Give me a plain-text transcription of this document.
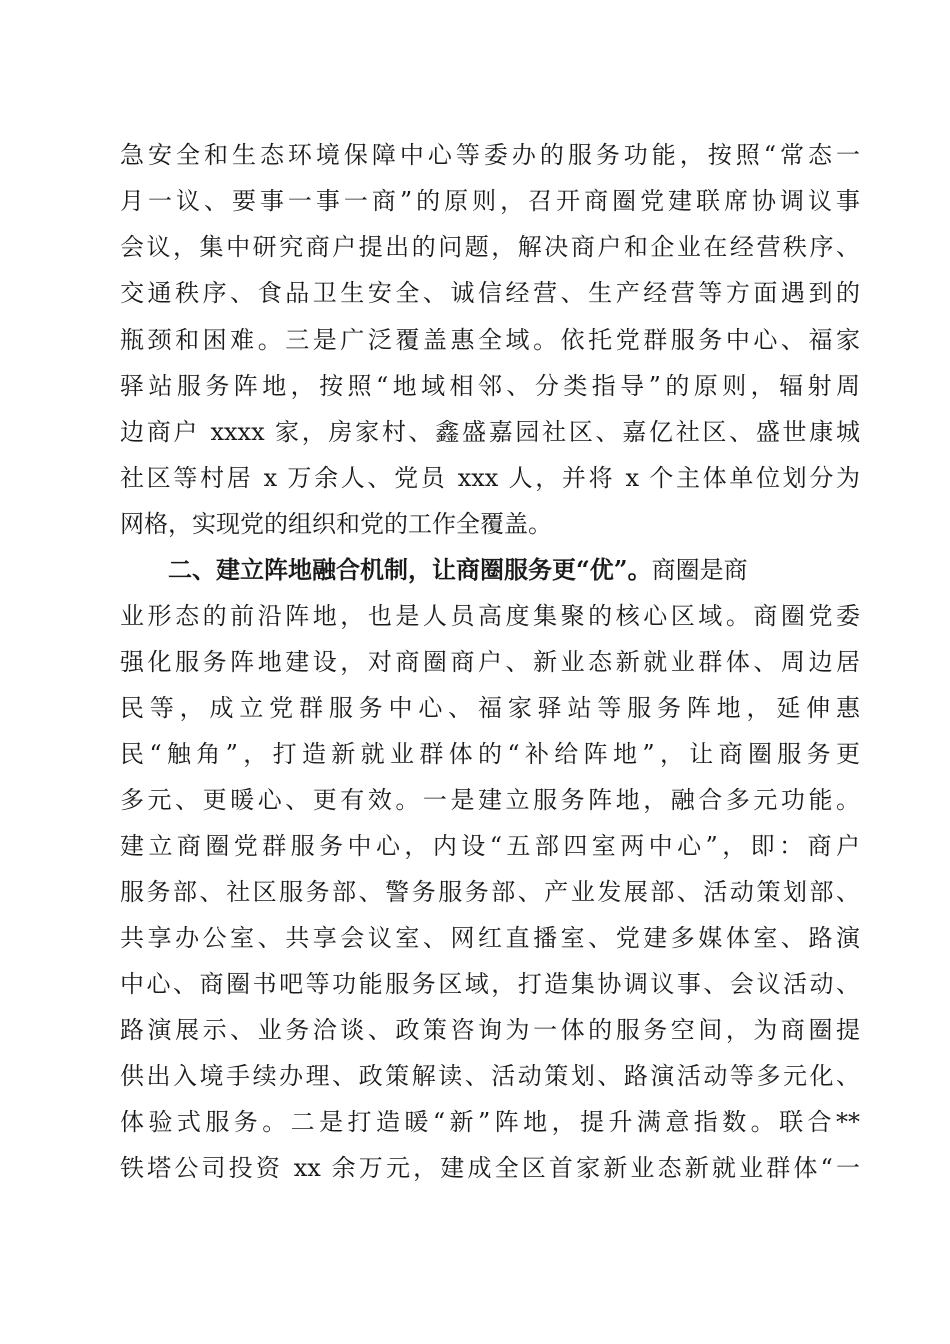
急安全和生态环境保障中心等委办的服务功能，按照“常态一
月一议、要事一事一商”的原则，召开商圈党建联席协调议事
会议，集中研究商户提出的问题，解决商户和企业在经营秩序、
交通秩序、食品卫生安全、诚信经营、生产经营等方面遇到的
瓶颈和困难。三是广泛覆盖惠全域。依托党群服务中心、福家
驿站服务阵地，按照“地域相邻、分类指导”的原则，辐射周
边商户 xxxx 家，房家村、鑫盛嘉园社区、嘉亿社区、盛世康城
社区等村居 x 万余人、党员 xxx 人，并将 x 个主体单位划分为
网格，实现党的组织和党的工作全覆盖。
二、建立阵地融合机制，让商圈服务更“优”。商圈是商
业形态的前沿阵地，也是人员高度集聚的核心区域。商圈党委
强化服务阵地建设，对商圈商户、新业态新就业群体、周边居
民等，成立党群服务中心、福家驿站等服务阵地，延伸惠
民“触角”，打造新就业群体的“补给阵地”，让商圈服务更
多元、更暖心、更有效。一是建立服务阵地，融合多元功能。
建立商圈党群服务中心，内设“五部四室两中心”，即：商户
服务部、社区服务部、警务服务部、产业发展部、活动策划部、
共享办公室、共享会议室、网红直播室、党建多媒体室、路演
中心、商圈书吧等功能服务区域，打造集协调议事、会议活动、
路演展示、业务洽谈、政策咨询为一体的服务空间，为商圈提
供出入境手续办理、政策解读、活动策划、路演活动等多元化、
体验式服务。二是打造暖“新”阵地，提升满意指数。联合**
铁塔公司投资 xx 余万元，建成全区首家新业态新就业群体“一
